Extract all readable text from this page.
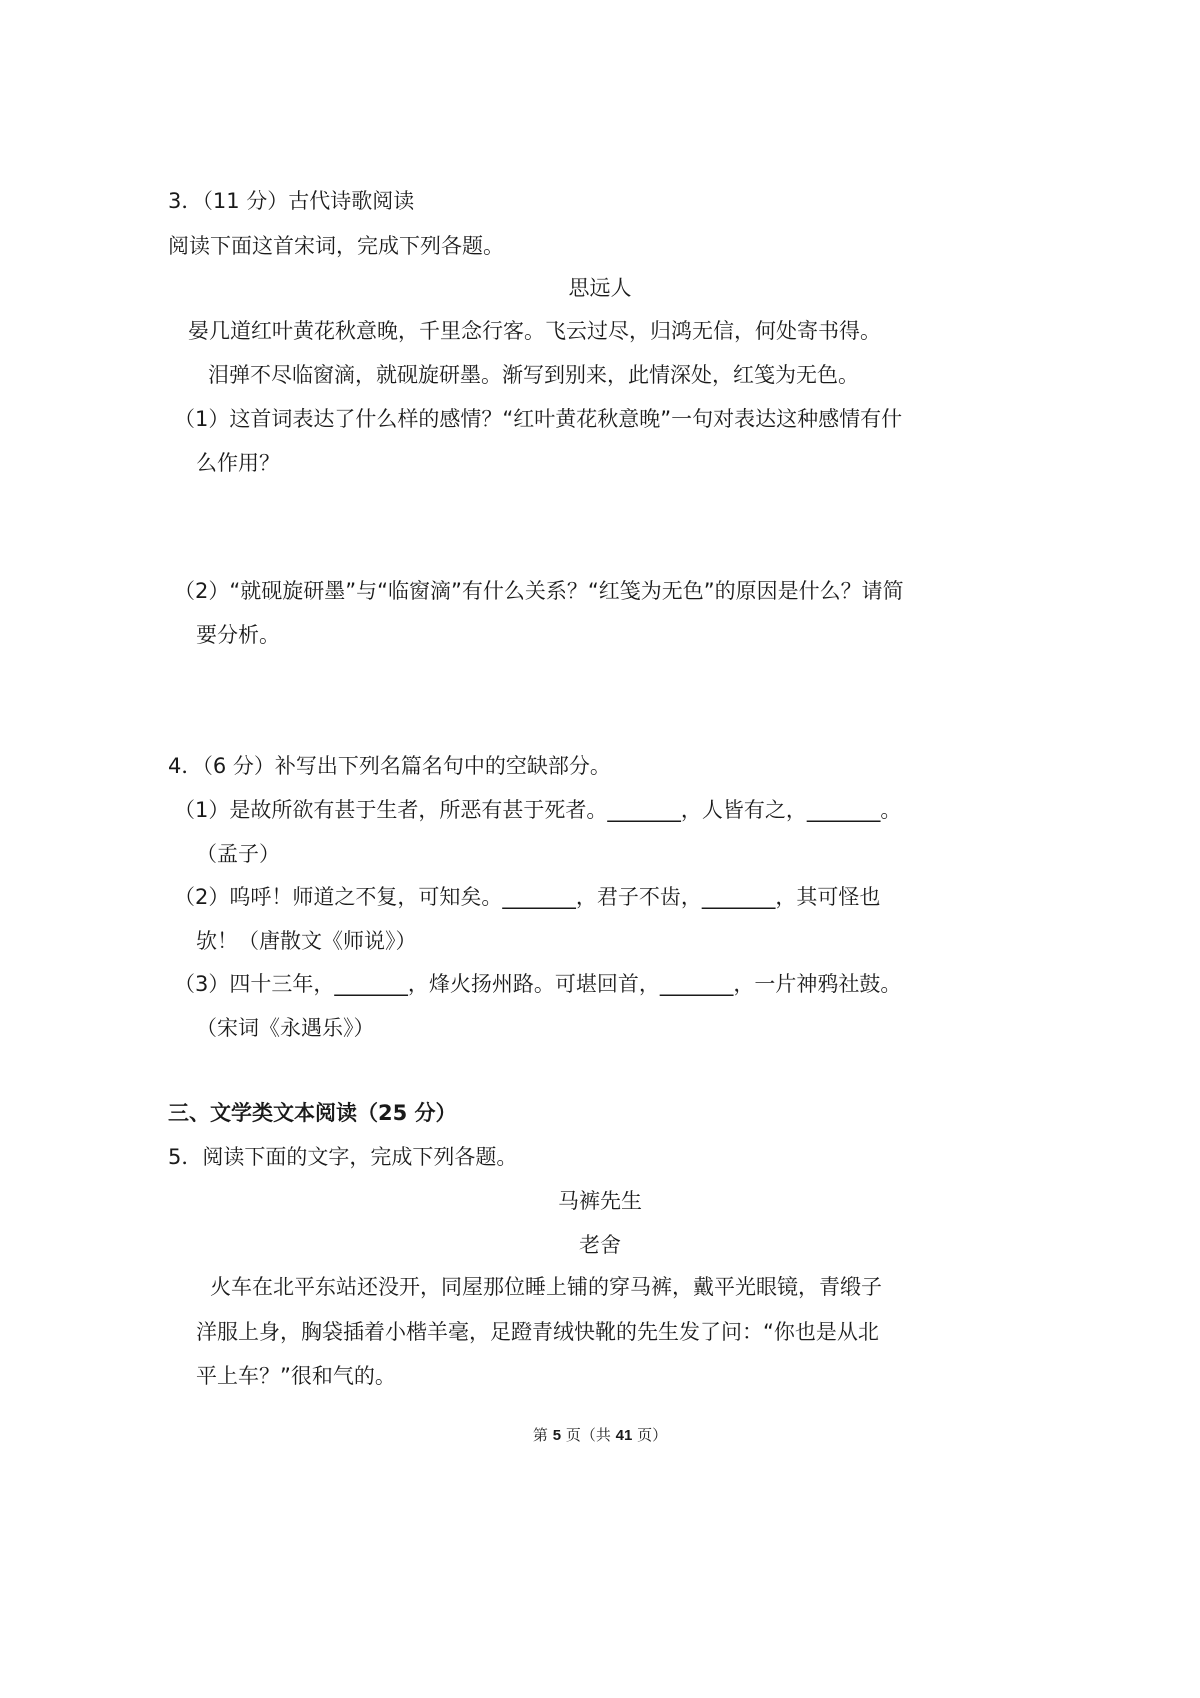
3．（11 分）古代诗歌阅读
阅读下面这首宋词，完成下列各题。
思远人
晏几道红叶黄花秋意晚，千里念行客。飞云过尽，归鸿无信，何处寄书得。
泪弹不尽临窗滴，就砚旋研墨。渐写到别来，此情深处，红笺为无色。
（1）这首词表达了什么样的感情？“红叶黄花秋意晚”一句对表达这种感情有什
么作用？
（2）“就砚旋研墨”与“临窗滴”有什么关系？“红笺为无色”的原因是什么？请简
要分析。
4．（6 分）补写出下列名篇名句中的空缺部分。
（1）是故所欲有甚于生者，所恶有甚于死者。_______，人皆有之，_______。
（孟子）
（2）呜呼！师道之不复，可知矣。_______，君子不齿，_______，其可怪也
欤！（唐散文《师说》）
（3）四十三年，_______，烽火扬州路。可堪回首，_______，一片神鸦社鼓。
（宋词《永遇乐》）
三、文学类文本阅读（25 分）
5．阅读下面的文字，完成下列各题。
马裤先生
老舍
火车在北平东站还没开，同屋那位睡上铺的穿马裤，戴平光眼镜，青缎子
洋服上身，胸袋插着小楷羊毫，足蹬青绒快靴的先生发了问：“你也是从北
平上车？”很和气的。
第 5 页（共 41 页）
